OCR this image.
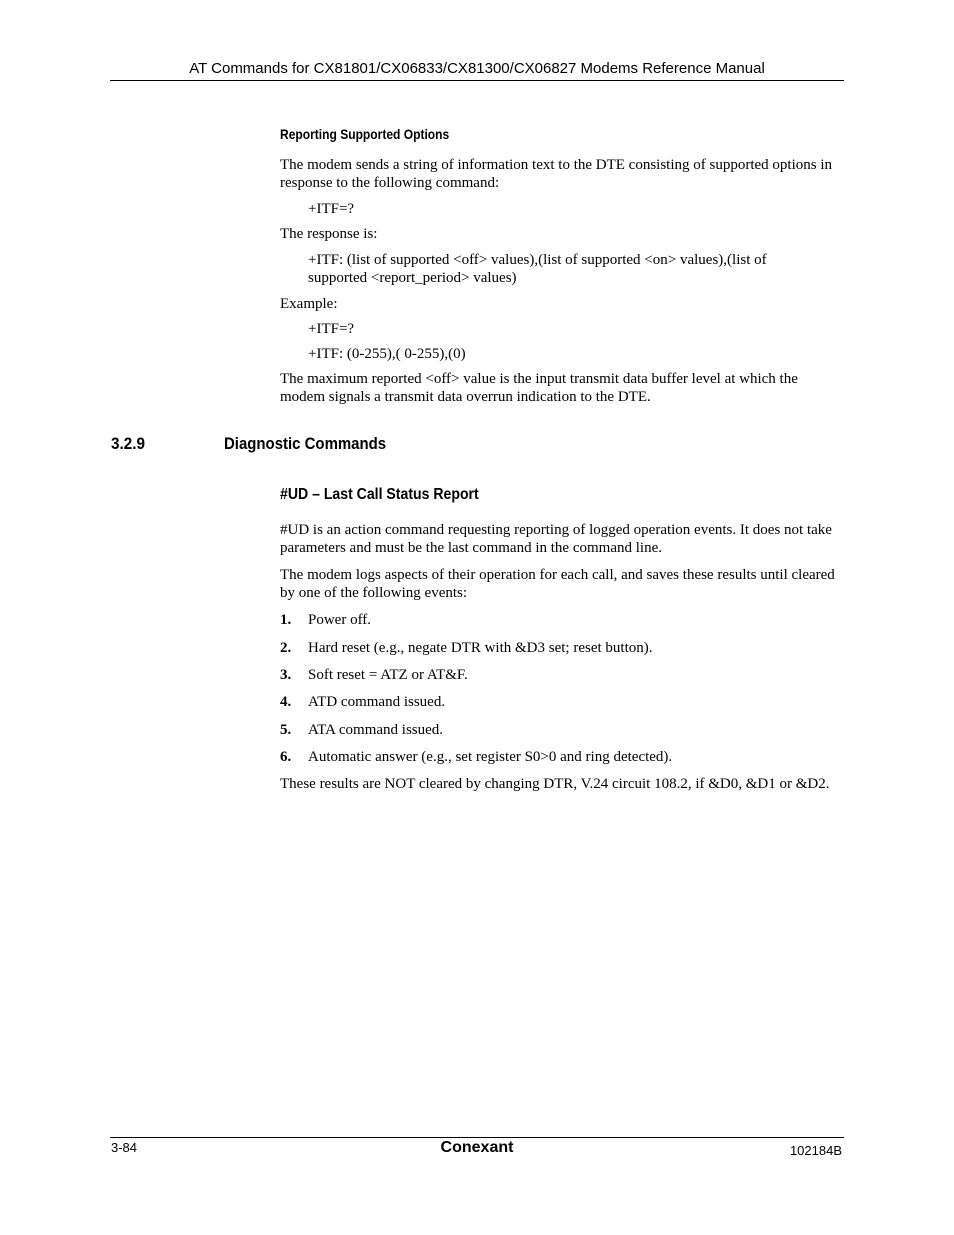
AT Commands for CX81801/CX06833/CX81300/CX06827 Modems Reference Manual
Reporting Supported Options
The modem sends a string of information text to the DTE consisting of supported options in response to the following command:
+ITF=?
The response is:
+ITF: (list of supported <off> values),(list of supported <on> values),(list of supported <report_period> values)
Example:
+ITF=?
+ITF: (0-255),( 0-255),(0)
The maximum reported <off> value is the input transmit data buffer level at which the modem signals a transmit data overrun indication to the DTE.
3.2.9	Diagnostic Commands
#UD – Last Call Status Report
#UD is an action command requesting reporting of logged operation events. It does not take parameters and must be the last command in the command line.
The modem logs aspects of their operation for each call, and saves these results until cleared by one of the following events:
1. Power off.
2. Hard reset (e.g., negate DTR with &D3 set; reset button).
3. Soft reset = ATZ or AT&F.
4. ATD command issued.
5. ATA command issued.
6. Automatic answer (e.g., set register S0>0 and ring detected).
These results are NOT cleared by changing DTR, V.24 circuit 108.2, if &D0, &D1 or &D2.
3-84	Conexant	102184B
